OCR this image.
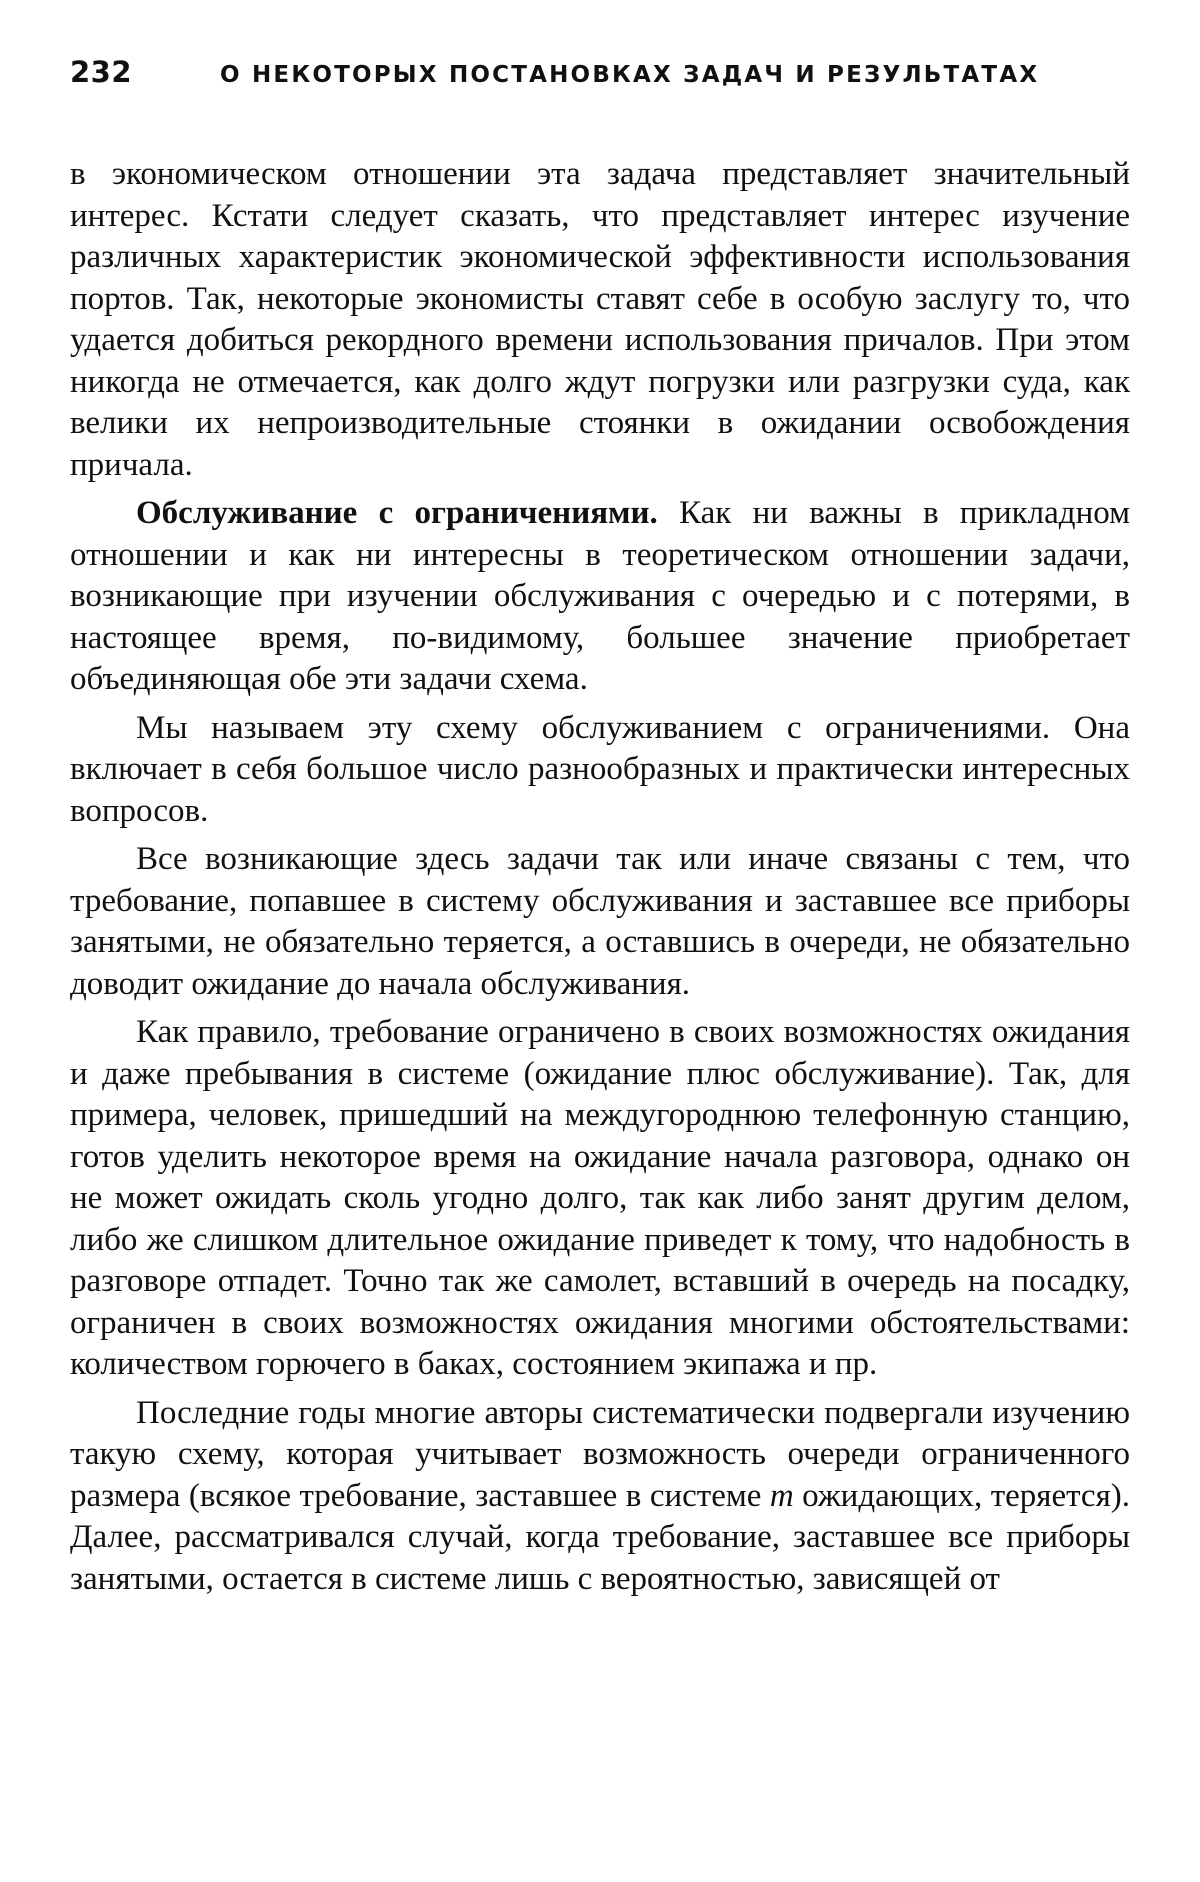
232	О НЕКОТОРЫХ ПОСТАНОВКАХ ЗАДАЧ И РЕЗУЛЬТАТАХ

в экономическом отношении эта задача представляет значительный интерес. Кстати следует сказать, что представляет интерес изучение различных характеристик экономической эффективности использования портов. Так, некоторые экономисты ставят себе в особую заслугу то, что удается добиться рекордного времени использования причалов. При этом никогда не отмечается, как долго ждут погрузки или разгрузки суда, как велики их непроизводительные стоянки в ожидании освобождения причала.

Обслуживание с ограничениями. Как ни важны в прикладном отношении и как ни интересны в теоретическом отношении задачи, возникающие при изучении обслуживания с очередью и с потерями, в настоящее время, по-видимому, большее значение приобретает объединяющая обе эти задачи схема.

Мы называем эту схему обслуживанием с ограничениями. Она включает в себя большое число разнообразных и практически интересных вопросов.

Все возникающие здесь задачи так или иначе связаны с тем, что требование, попавшее в систему обслуживания и заставшее все приборы занятыми, не обязательно теряется, а оставшись в очереди, не обязательно доводит ожидание до начала обслуживания.

Как правило, требование ограничено в своих возможностях ожидания и даже пребывания в системе (ожидание плюс обслуживание). Так, для примера, человек, пришедший на междугороднюю телефонную станцию, готов уделить некоторое время на ожидание начала разговора, однако он не может ожидать сколь угодно долго, так как либо занят другим делом, либо же слишком длительное ожидание приведет к тому, что надобность в разговоре отпадет. Точно так же самолет, вставший в очередь на посадку, ограничен в своих возможностях ожидания многими обстоятельствами: количеством горючего в баках, состоянием экипажа и пр.

Последние годы многие авторы систематически подвергали изучению такую схему, которая учитывает возможность очереди ограниченного размера (всякое требование, заставшее в системе m ожидающих, теряется). Далее, рассматривался случай, когда требование, заставшее все приборы занятыми, остается в системе лишь с вероятностью, зависящей от
